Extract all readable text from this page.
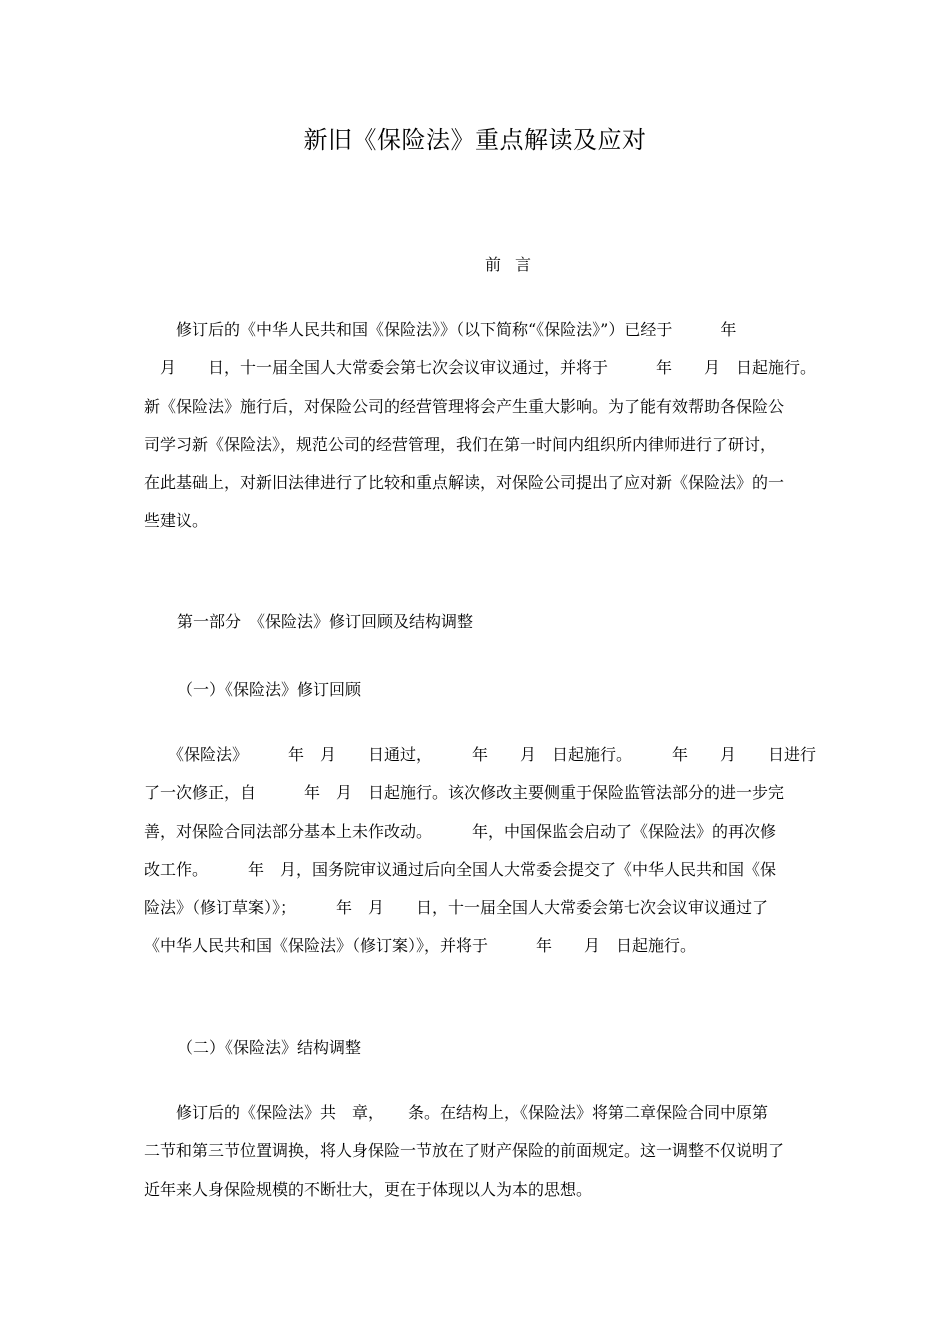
新旧《保险法》重点解读及应对
前言
　　修订后的《中华人民共和国《保险法》》（以下简称“《保险法》”）已经于　　　年
　月　　日，十一届全国人大常委会第七次会议审议通过，并将于　　　年　　月　日起施行。
新《保险法》施行后，对保险公司的经营管理将会产生重大影响。为了能有效帮助各保险公
司学习新《保险法》，规范公司的经营管理，我们在第一时间内组织所内律师进行了研讨，
在此基础上，对新旧法律进行了比较和重点解读，对保险公司提出了应对新《保险法》的一
些建议。
第一部分　《保险法》修订回顾及结构调整
（一）《保险法》修订回顾
　　《保险法》　　　年　月　　日通过，　　　年　　月　日起施行。　　　年　　月　　日进行
了一次修正，自　　　年　月　日起施行。该次修改主要侧重于保险监管法部分的进一步完
善，对保险合同法部分基本上未作改动。　　　年，中国保监会启动了《保险法》的再次修
改工作。　　　年　月，国务院审议通过后向全国人大常委会提交了《中华人民共和国《保
险法》（修订草案）》；　　　年　月　　日，十一届全国人大常委会第七次会议审议通过了
《中华人民共和国《保险法》（修订案）》，并将于　　　年　　月　日起施行。
（二）《保险法》结构调整
　　修订后的《保险法》共　章，　　条。在结构上，《保险法》将第二章保险合同中原第
二节和第三节位置调换，将人身保险一节放在了财产保险的前面规定。这一调整不仅说明了
近年来人身保险规模的不断壮大，更在于体现以人为本的思想。
